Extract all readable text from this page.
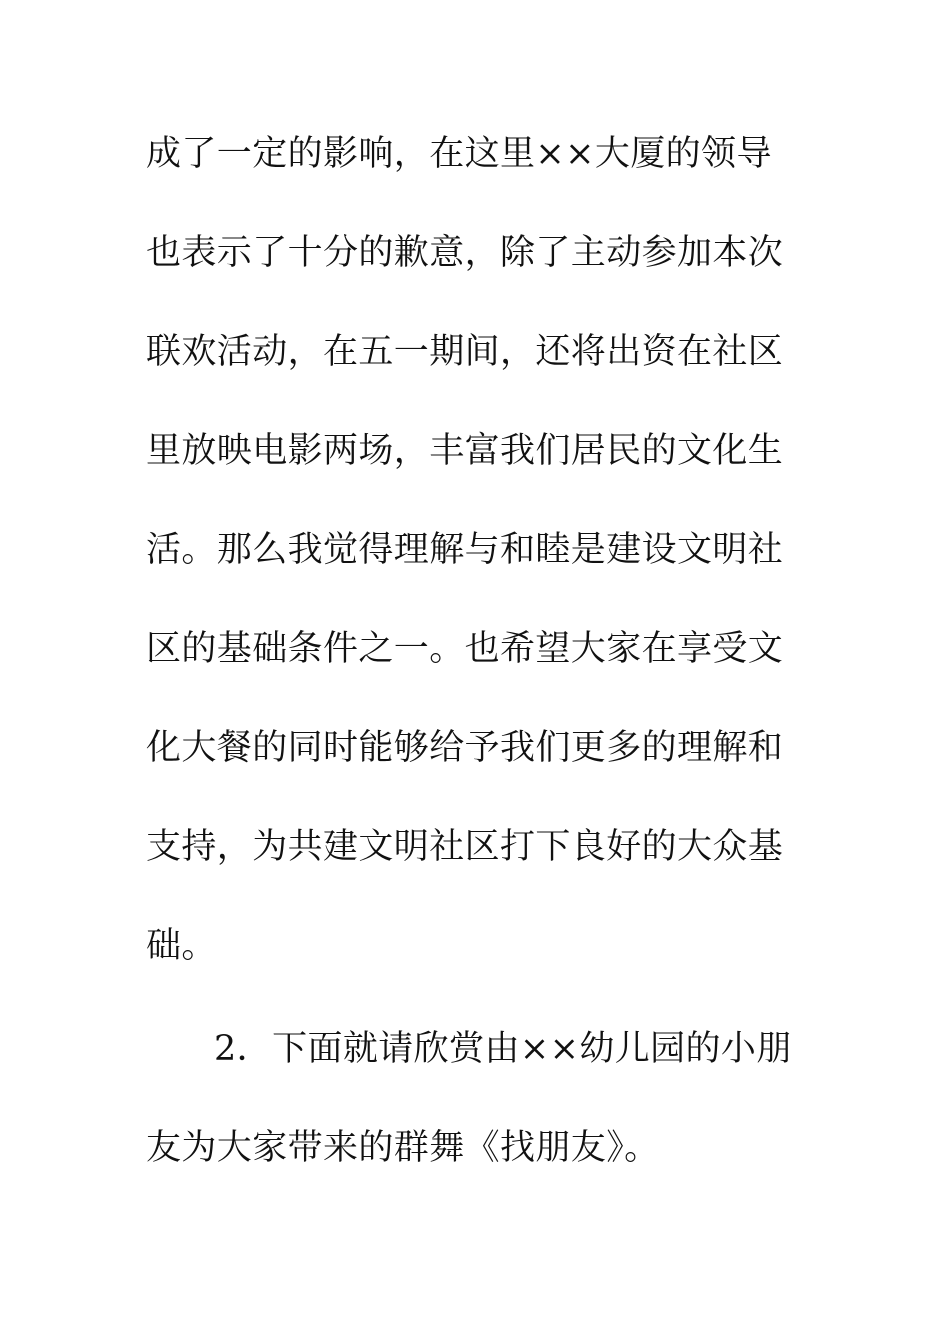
成了一定的影响，在这里××大厦的领导

也表示了十分的歉意，除了主动参加本次

联欢活动，在五一期间，还将出资在社区

里放映电影两场，丰富我们居民的文化生

活。那么我觉得理解与和睦是建设文明社

区的基础条件之一。也希望大家在享受文

化大餐的同时能够给予我们更多的理解和

支持，为共建文明社区打下良好的大众基

础。

2．下面就请欣赏由××幼儿园的小朋

友为大家带来的群舞《找朋友》。
